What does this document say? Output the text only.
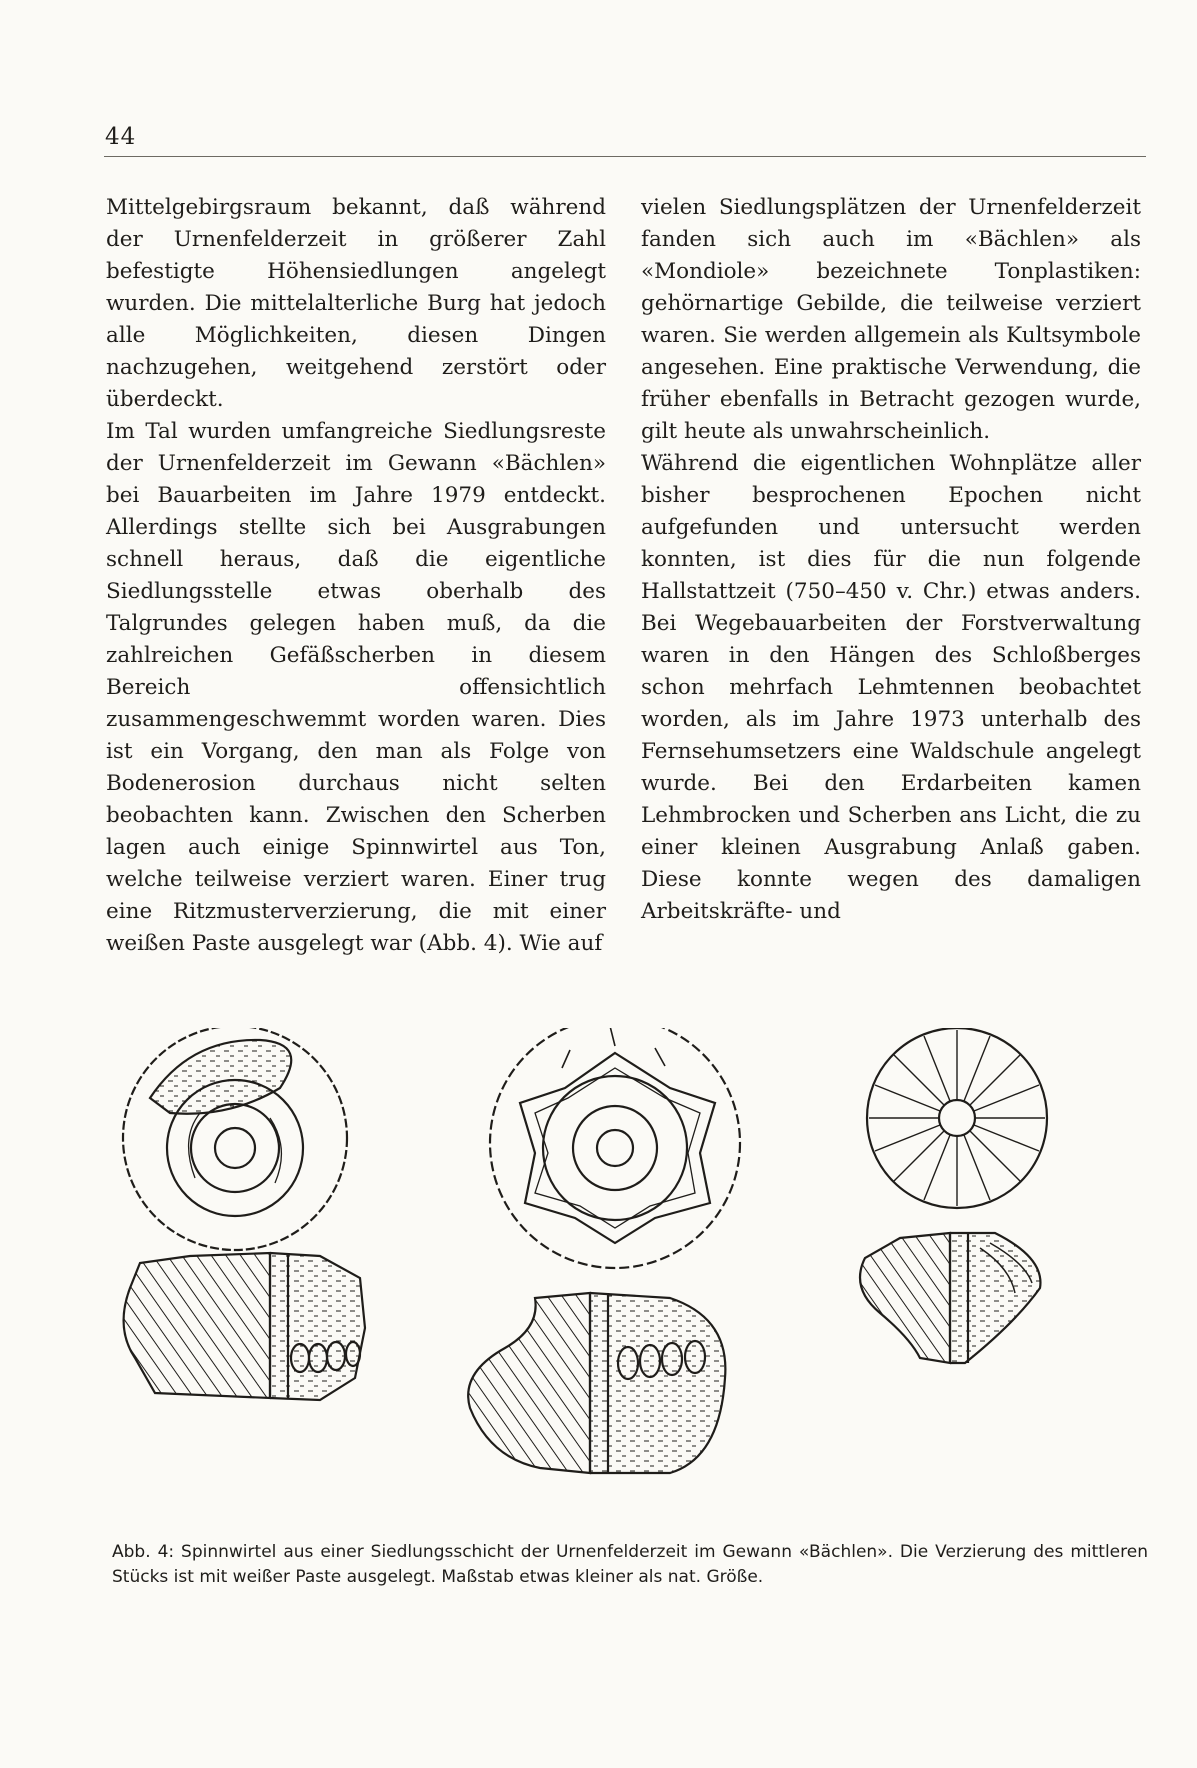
44

Mittelgebirgsraum bekannt, daß während der Urnenfelderzeit in größerer Zahl befestigte Höhensiedlungen angelegt wurden. Die mittelalterliche Burg hat jedoch alle Möglichkeiten, diesen Dingen nachzugehen, weitgehend zerstört oder überdeckt.

Im Tal wurden umfangreiche Siedlungsreste der Urnenfelderzeit im Gewann «Bächlen» bei Bauarbeiten im Jahre 1979 entdeckt. Allerdings stellte sich bei Ausgrabungen schnell heraus, daß die eigentliche Siedlungsstelle etwas oberhalb des Talgrundes gelegen haben muß, da die zahlreichen Gefäßscherben in diesem Bereich offensichtlich zusammengeschwemmt worden waren. Dies ist ein Vorgang, den man als Folge von Bodenerosion durchaus nicht selten beobachten kann. Zwischen den Scherben lagen auch einige Spinnwirtel aus Ton, welche teilweise verziert waren. Einer trug eine Ritzmusterverzierung, die mit einer weißen Paste ausgelegt war (Abb. 4). Wie auf

vielen Siedlungsplätzen der Urnenfelderzeit fanden sich auch im «Bächlen» als «Mondiole» bezeichnete Tonplastiken: gehörnartige Gebilde, die teilweise verziert waren. Sie werden allgemein als Kultsymbole angesehen. Eine praktische Verwendung, die früher ebenfalls in Betracht gezogen wurde, gilt heute als unwahrscheinlich.

Während die eigentlichen Wohnplätze aller bisher besprochenen Epochen nicht aufgefunden und untersucht werden konnten, ist dies für die nun folgende Hallstattzeit (750–450 v. Chr.) etwas anders. Bei Wegebauarbeiten der Forstverwaltung waren in den Hängen des Schloßberges schon mehrfach Lehmtennen beobachtet worden, als im Jahre 1973 unterhalb des Fernsehumsetzers eine Waldschule angelegt wurde. Bei den Erdarbeiten kamen Lehmbrocken und Scherben ans Licht, die zu einer kleinen Ausgrabung Anlaß gaben. Diese konnte wegen des damaligen Arbeitskräfte- und

Abb. 4: Spinnwirtel aus einer Siedlungsschicht der Urnenfelderzeit im Gewann «Bächlen». Die Verzierung des mittleren Stücks ist mit weißer Paste ausgelegt. Maßstab etwas kleiner als nat. Größe.
